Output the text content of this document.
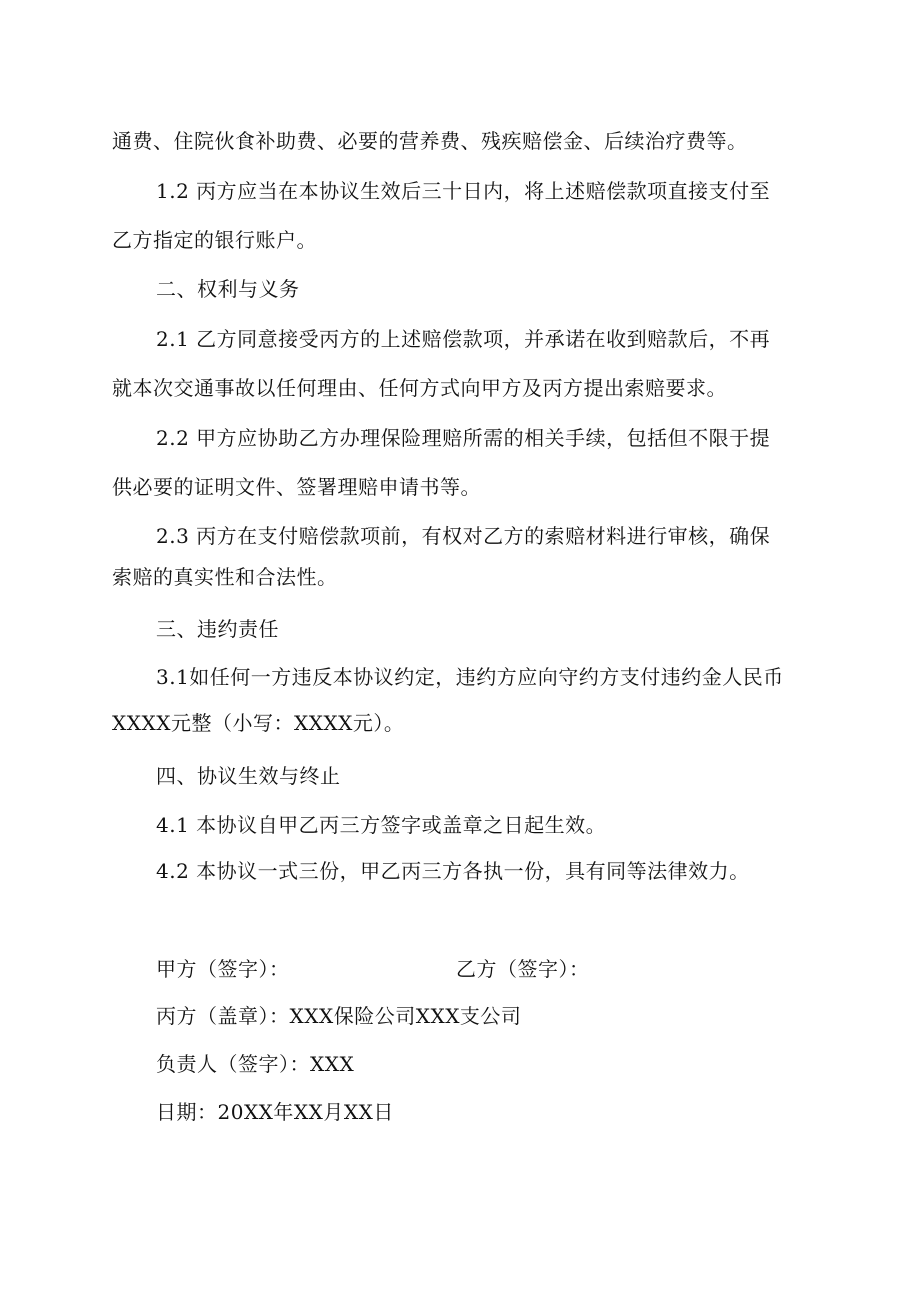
通费、住院伙食补助费、必要的营养费、残疾赔偿金、后续治疗费等。
1.2 丙方应当在本协议生效后三十日内，将上述赔偿款项直接支付至
乙方指定的银行账户。
二、权利与义务
2.1 乙方同意接受丙方的上述赔偿款项，并承诺在收到赔款后，不再
就本次交通事故以任何理由、任何方式向甲方及丙方提出索赔要求。
2.2 甲方应协助乙方办理保险理赔所需的相关手续，包括但不限于提
供必要的证明文件、签署理赔申请书等。
2.3 丙方在支付赔偿款项前，有权对乙方的索赔材料进行审核，确保
索赔的真实性和合法性。
三、违约责任
3.1如任何一方违反本协议约定，违约方应向守约方支付违约金人民币
XXXX元整（小写：XXXX元）。
四、协议生效与终止
4.1 本协议自甲乙丙三方签字或盖章之日起生效。
4.2 本协议一式三份，甲乙丙三方各执一份，具有同等法律效力。
甲方（签字）：	乙方（签字）：
丙方（盖章）：XXX保险公司XXX支公司
负责人（签字）：XXX
日期：20XX年XX月XX日
